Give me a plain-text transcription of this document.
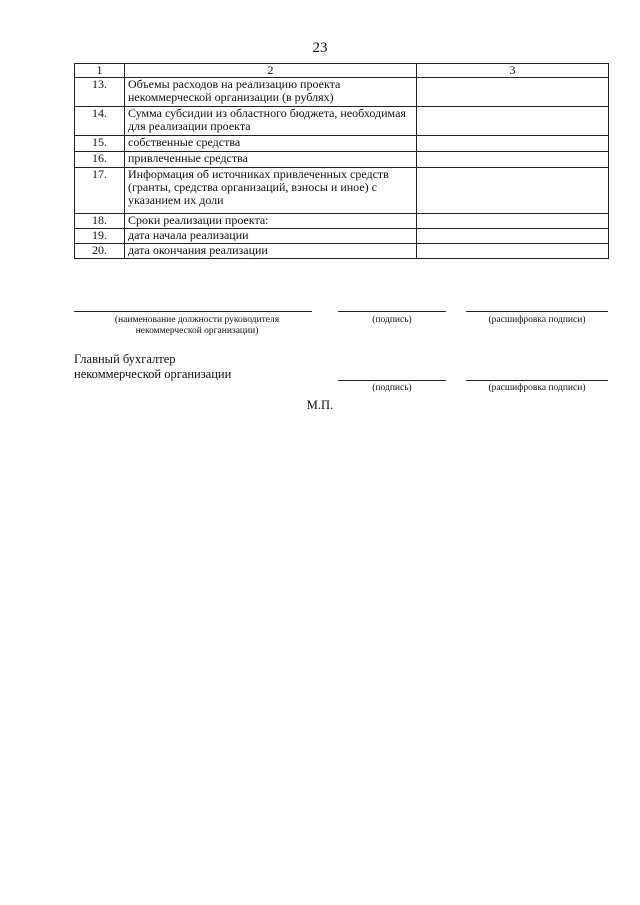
23
1	2	3
13.	Объемы расходов на реализацию проекта некоммерческой организации (в рублях)	
14.	Сумма субсидии из областного бюджета, необходимая для реализации проекта	
15.	собственные средства	
16.	привлеченные средства	
17.	Информация об источниках привлеченных средств (гранты, средства организаций, взносы и иное) с указанием их доли	
18.	Сроки реализации проекта:	
19.	дата начала реализации	
20.	дата окончания реализации	
(наименование должности руководителя некоммерческой организации)
(подпись)	(расшифровка подписи)
Главный бухгалтер
некоммерческой организации
(подпись)	(расшифровка подписи)
М.П.
